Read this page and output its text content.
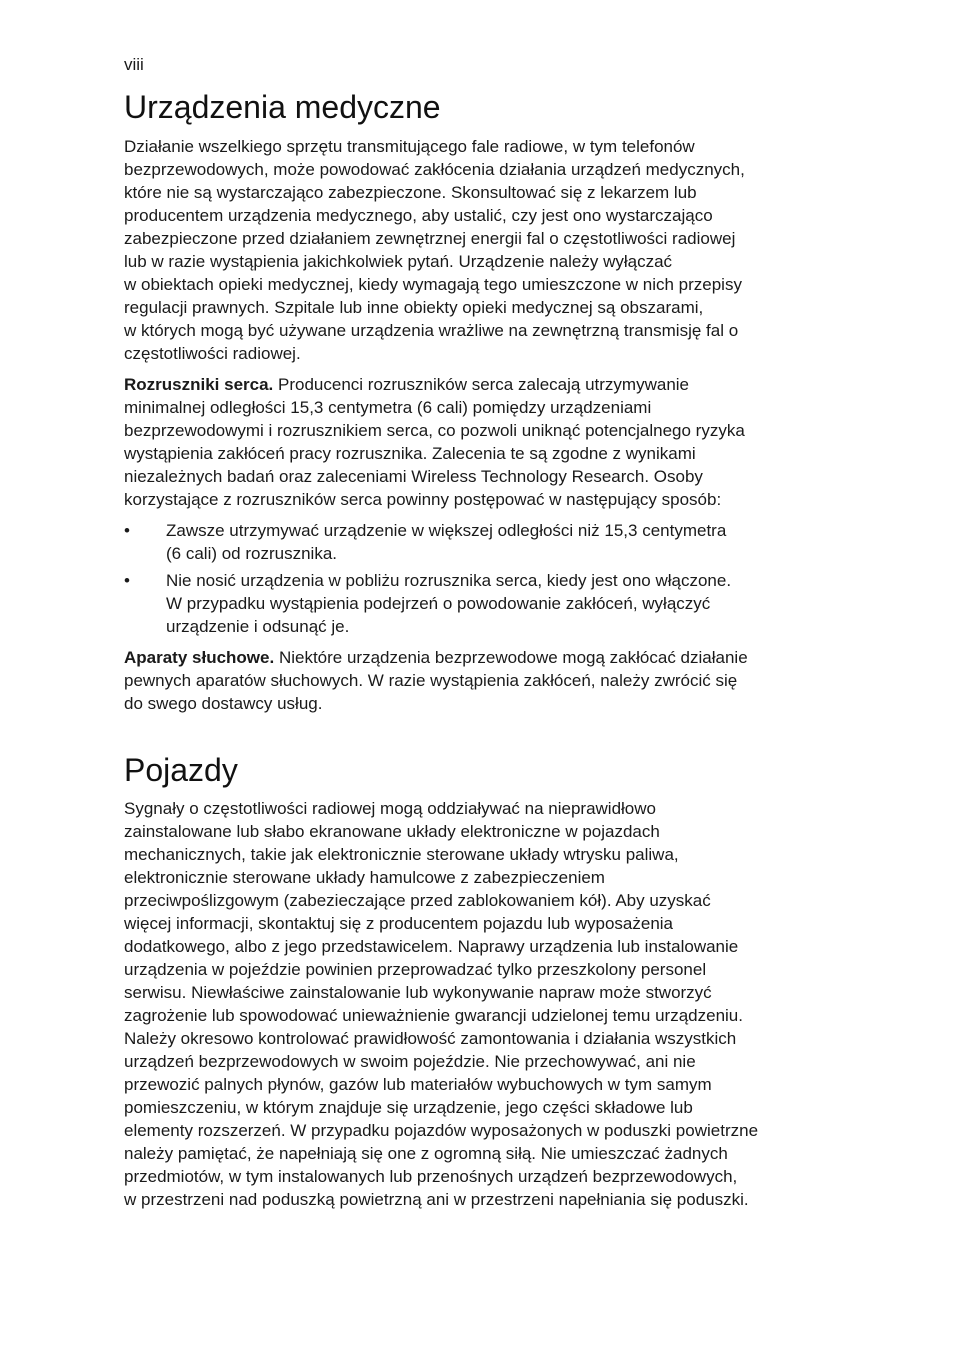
viii
Urządzenia medyczne

Działanie wszelkiego sprzętu transmitującego fale radiowe, w tym telefonów
bezprzewodowych, może powodować zakłócenia działania urządzeń medycznych,
które nie są wystarczająco zabezpieczone. Skonsultować się z lekarzem lub
producentem urządzenia medycznego, aby ustalić, czy jest ono wystarczająco
zabezpieczone przed działaniem zewnętrznej energii fal o częstotliwości radiowej
lub w razie wystąpienia jakichkolwiek pytań. Urządzenie należy wyłączać
w obiektach opieki medycznej, kiedy wymagają tego umieszczone w nich przepisy
regulacji prawnych. Szpitale lub inne obiekty opieki medycznej są obszarami,
w których mogą być używane urządzenia wrażliwe na zewnętrzną transmisję fal o
częstotliwości radiowej.

Rozruszniki serca. Producenci rozruszników serca zalecają utrzymywanie
minimalnej odległości 15,3 centymetra (6 cali) pomiędzy urządzeniami
bezprzewodowymi i rozrusznikiem serca, co pozwoli uniknąć potencjalnego ryzyka
wystąpienia zakłóceń pracy rozrusznika. Zalecenia te są zgodne z wynikami
niezależnych badań oraz zaleceniami Wireless Technology Research. Osoby
korzystające z rozruszników serca powinny postępować w następujący sposób:

• Zawsze utrzymywać urządzenie w większej odległości niż 15,3 centymetra
(6 cali) od rozrusznika.
• Nie nosić urządzenia w pobliżu rozrusznika serca, kiedy jest ono włączone.
W przypadku wystąpienia podejrzeń o powodowanie zakłóceń, wyłączyć
urządzenie i odsunąć je.

Aparaty słuchowe. Niektóre urządzenia bezprzewodowe mogą zakłócać działanie
pewnych aparatów słuchowych. W razie wystąpienia zakłóceń, należy zwrócić się
do swego dostawcy usług.

Pojazdy

Sygnały o częstotliwości radiowej mogą oddziaływać na nieprawidłowo
zainstalowane lub słabo ekranowane układy elektroniczne w pojazdach
mechanicznych, takie jak elektronicznie sterowane układy wtrysku paliwa,
elektronicznie sterowane układy hamulcowe z zabezpieczeniem
przeciwpoślizgowym (zabezieczające przed zablokowaniem kół). Aby uzyskać
więcej informacji, skontaktuj się z producentem pojazdu lub wyposażenia
dodatkowego, albo z jego przedstawicelem. Naprawy urządzenia lub instalowanie
urządzenia w pojeździe powinien przeprowadzać tylko przeszkolony personel
serwisu. Niewłaściwe zainstalowanie lub wykonywanie napraw może stworzyć
zagrożenie lub spowodować unieważnienie gwarancji udzielonej temu urządzeniu.
Należy okresowo kontrolować prawidłowość zamontowania i działania wszystkich
urządzeń bezprzewodowych w swoim pojeździe. Nie przechowywać, ani nie
przewozić palnych płynów, gazów lub materiałów wybuchowych w tym samym
pomieszczeniu, w którym znajduje się urządzenie, jego części składowe lub
elementy rozszerzeń. W przypadku pojazdów wyposażonych w poduszki powietrzne
należy pamiętać, że napełniają się one z ogromną siłą. Nie umieszczać żadnych
przedmiotów, w tym instalowanych lub przenośnych urządzeń bezprzewodowych,
w przestrzeni nad poduszką powietrzną ani w przestrzeni napełniania się poduszki.
